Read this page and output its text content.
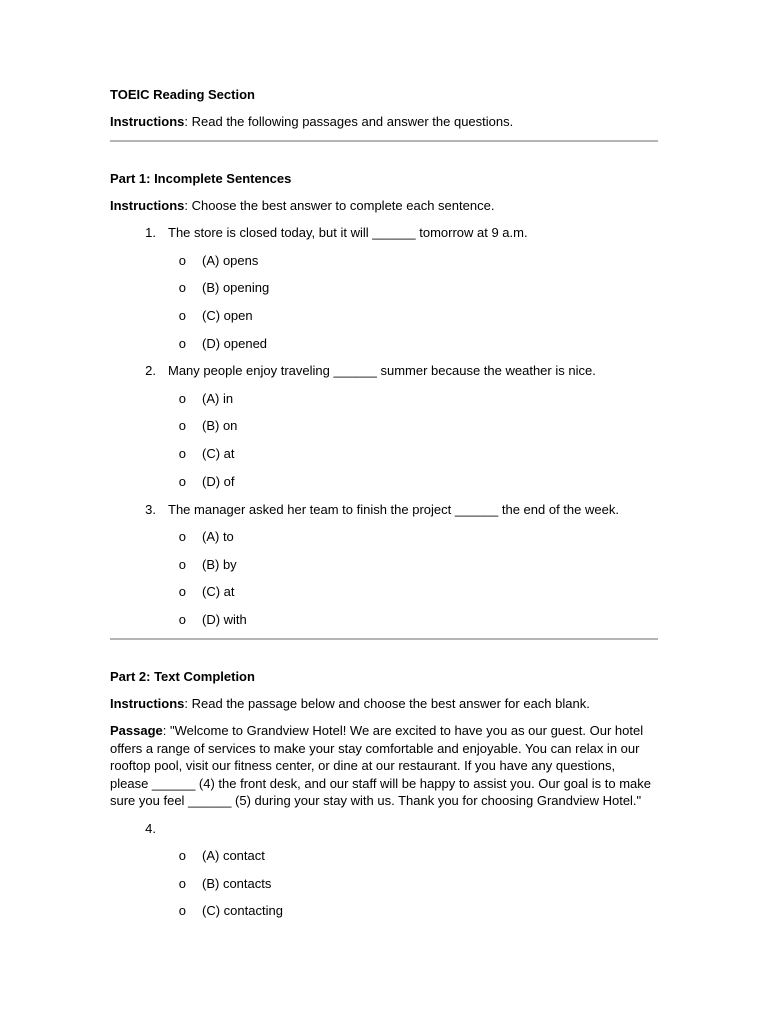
TOEIC Reading Section

Instructions: Read the following passages and answer the questions.

Part 1: Incomplete Sentences

Instructions: Choose the best answer to complete each sentence.

1. The store is closed today, but it will ______ tomorrow at 9 a.m.
o	(A) opens
o	(B) opening
o	(C) open
o	(D) opened
2. Many people enjoy traveling ______ summer because the weather is nice.
o	(A) in
o	(B) on
o	(C) at
o	(D) of
3. The manager asked her team to finish the project ______ the end of the week.
o	(A) to
o	(B) by
o	(C) at
o	(D) with

Part 2: Text Completion

Instructions: Read the passage below and choose the best answer for each blank.

Passage: "Welcome to Grandview Hotel! We are excited to have you as our guest. Our hotel
offers a range of services to make your stay comfortable and enjoyable. You can relax in our
rooftop pool, visit our fitness center, or dine at our restaurant. If you have any questions,
please ______ (4) the front desk, and our staff will be happy to assist you. Our goal is to make
sure you feel ______ (5) during your stay with us. Thank you for choosing Grandview Hotel."
4.
o	(A) contact
o	(B) contacts
o	(C) contacting
